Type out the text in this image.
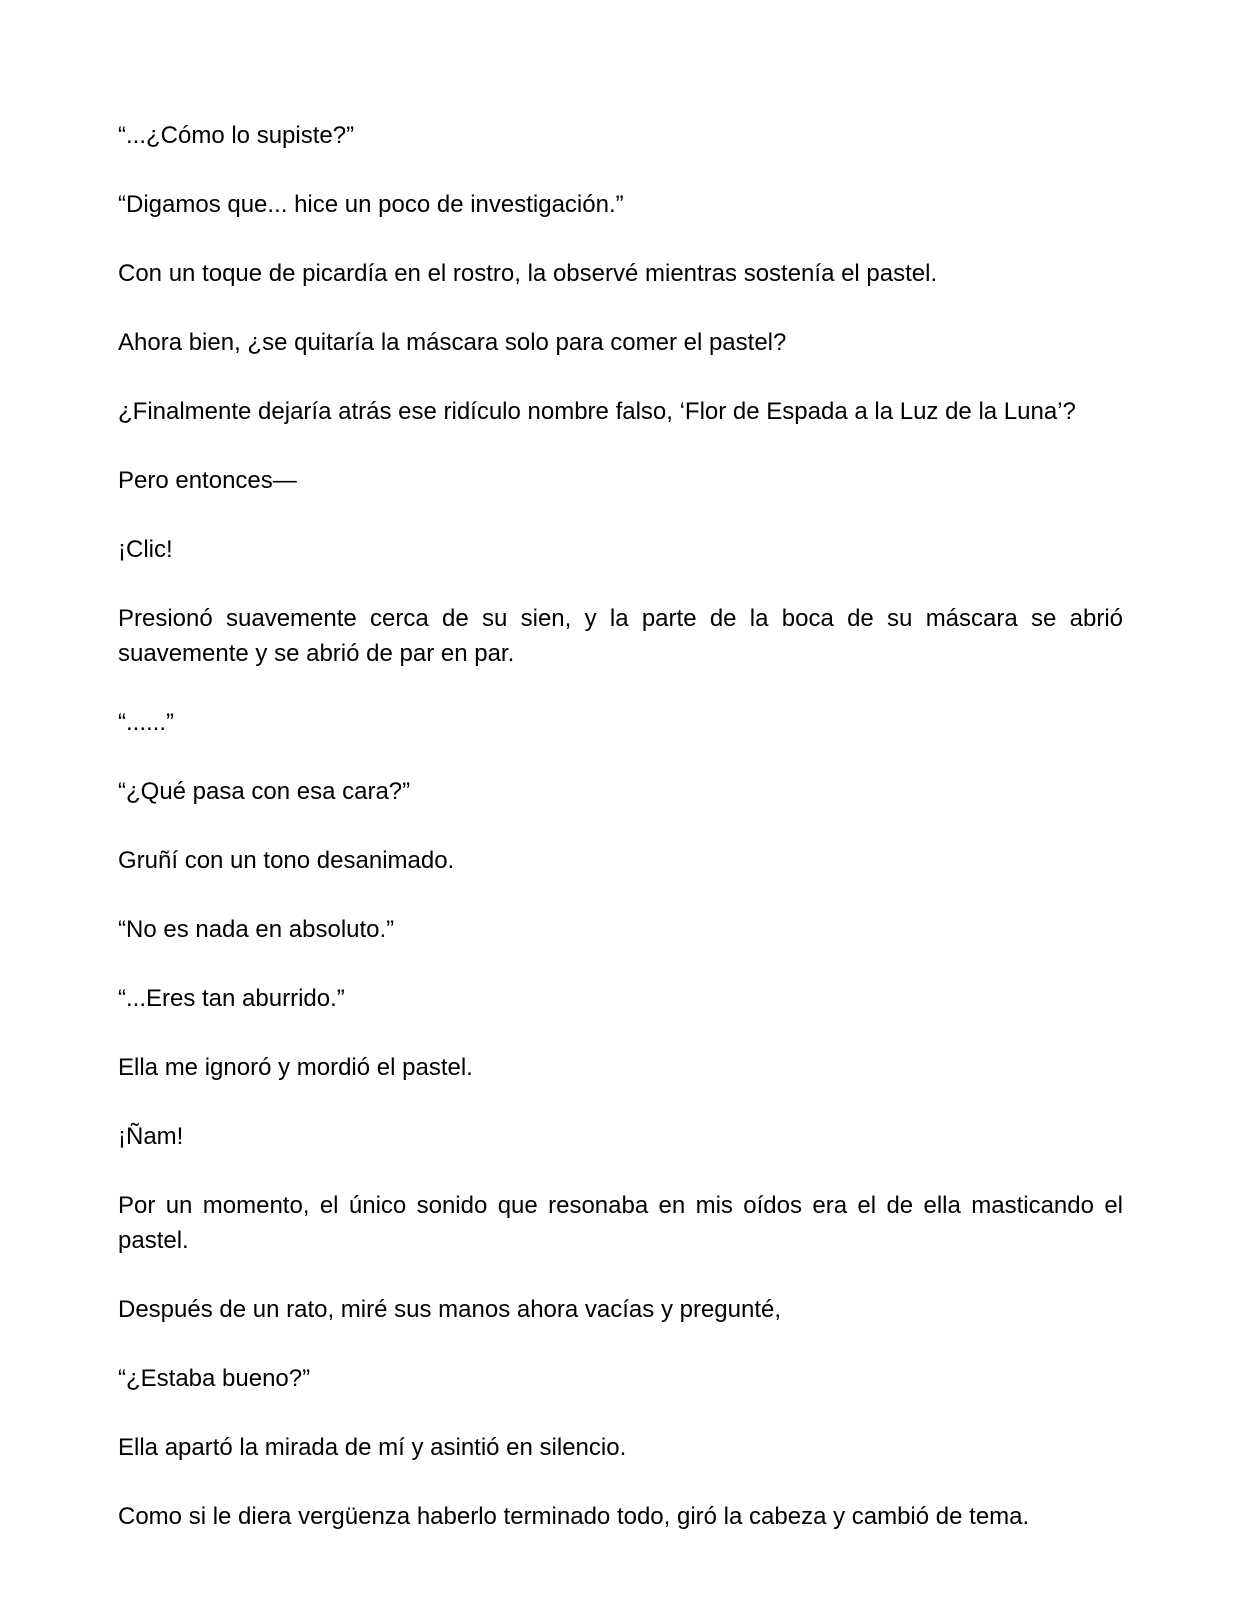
“...¿Cómo lo supiste?”

“Digamos que... hice un poco de investigación.”

Con un toque de picardía en el rostro, la observé mientras sostenía el pastel.

Ahora bien, ¿se quitaría la máscara solo para comer el pastel?

¿Finalmente dejaría atrás ese ridículo nombre falso, ‘Flor de Espada a la Luz de la Luna’?

Pero entonces—

¡Clic!

Presionó suavemente cerca de su sien, y la parte de la boca de su máscara se abrió suavemente y se abrió de par en par.

“......”

“¿Qué pasa con esa cara?”

Gruñí con un tono desanimado.

“No es nada en absoluto.”

“...Eres tan aburrido.”

Ella me ignoró y mordió el pastel.

¡Ñam!

Por un momento, el único sonido que resonaba en mis oídos era el de ella masticando el pastel.

Después de un rato, miré sus manos ahora vacías y pregunté,

“¿Estaba bueno?”

Ella apartó la mirada de mí y asintió en silencio.

Como si le diera vergüenza haberlo terminado todo, giró la cabeza y cambió de tema.
